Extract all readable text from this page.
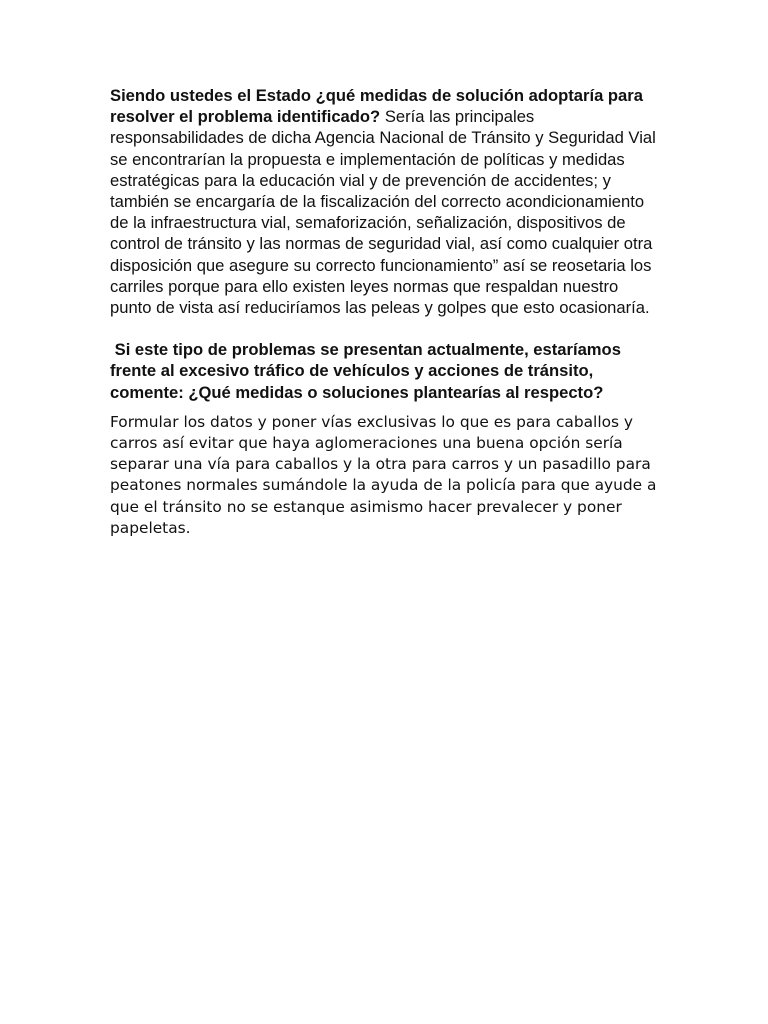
Siendo ustedes el Estado ¿qué medidas de solución adoptaría para resolver el problema identificado? Sería las principales responsabilidades de dicha Agencia Nacional de Tránsito y Seguridad Vial se encontrarían la propuesta e implementación de políticas y medidas estratégicas para la educación vial y de prevención de accidentes; y también se encargaría de la fiscalización del correcto acondicionamiento de la infraestructura vial, semaforización, señalización, dispositivos de control de tránsito y las normas de seguridad vial, así como cualquier otra disposición que asegure su correcto funcionamiento” así se reosetaria los carriles porque para ello existen leyes normas que respaldan nuestro punto de vista así reduciríamos las peleas y golpes que esto ocasionaría.

Si este tipo de problemas se presentan actualmente, estaríamos frente al excesivo tráfico de vehículos y acciones de tránsito, comente: ¿Qué medidas o soluciones plantearías al respecto?

Formular los datos y poner vías exclusivas lo que es para caballos y carros así evitar que haya aglomeraciones una buena opción sería separar una vía para caballos y la otra para carros y un pasadillo para peatones normales sumándole la ayuda de la policía para que ayude a que el tránsito no se estanque asimismo hacer prevalecer y poner papeletas.
